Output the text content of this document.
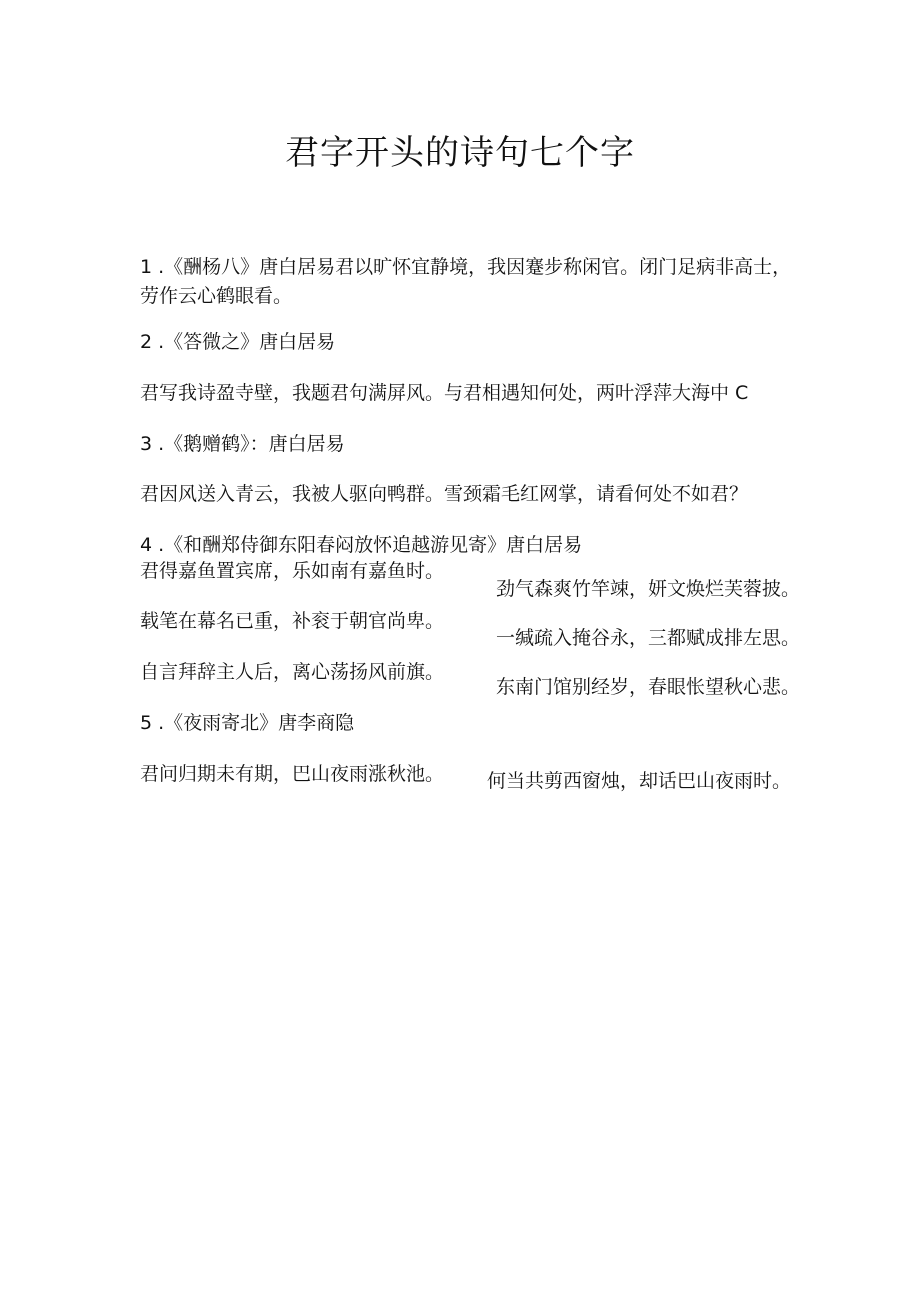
君字开头的诗句七个字
1 .《酬杨八》唐白居易君以旷怀宜静境，我因蹇步称闲官。闭门足病非高士，劳作云心鹤眼看。
2 .《答微之》唐白居易
君写我诗盈寺壁，我题君句满屏风。与君相遇知何处，两叶浮萍大海中 C
3 .《鹅赠鹤》：唐白居易
君因风送入青云，我被人驱向鸭群。雪颈霜毛红网掌，请看何处不如君？
4 .《和酬郑侍御东阳春闷放怀追越游见寄》唐白居易
君得嘉鱼置宾席，乐如南有嘉鱼时。
载笔在幕名已重，补衮于朝官尚卑。
自言拜辞主人后，离心荡扬风前旗。
劲气森爽竹竿竦，妍文焕烂芙蓉披。
一缄疏入掩谷永，三都赋成排左思。
东南门馆别经岁，春眼怅望秋心悲。
5 .《夜雨寄北》唐李商隐
君问归期未有期，巴山夜雨涨秋池。 何当共剪西窗烛，却话巴山夜雨时。
